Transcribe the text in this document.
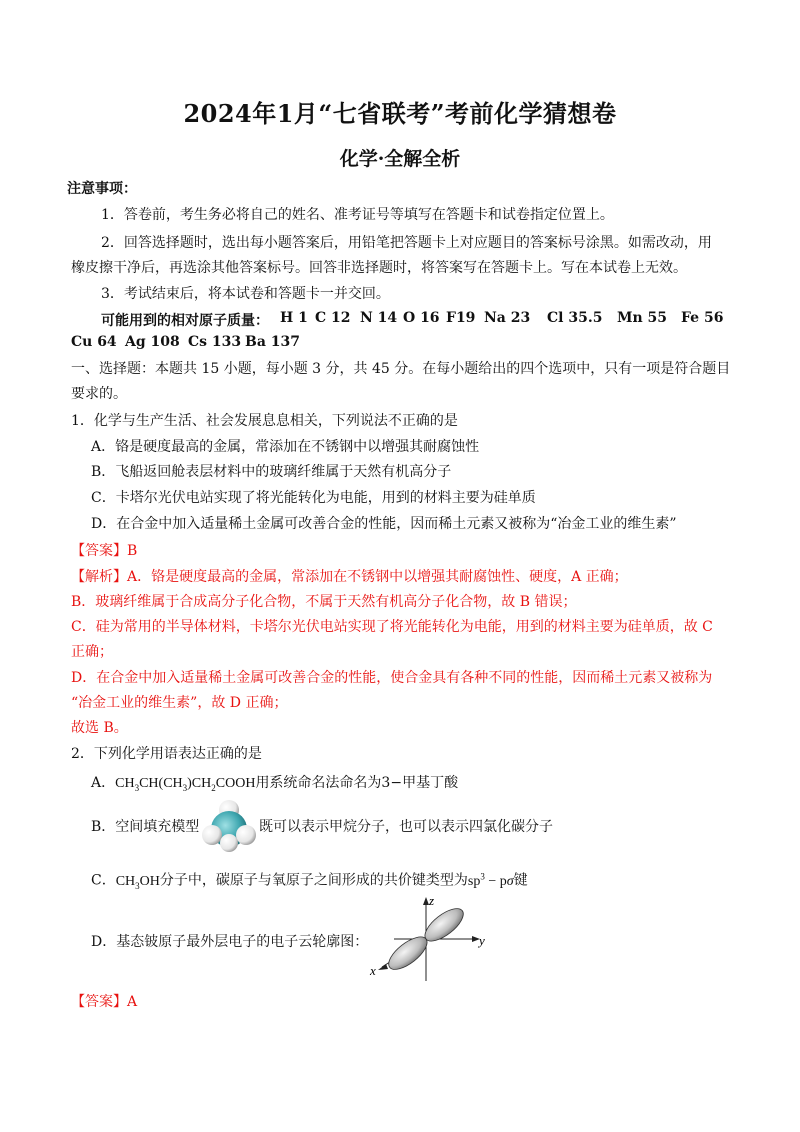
2024年1月“七省联考”考前化学猜想卷
化学·全解全析
注意事项：
1．答卷前，考生务必将自己的姓名、准考证号等填写在答题卡和试卷指定位置上。
2．回答选择题时，选出每小题答案后，用铅笔把答题卡上对应题目的答案标号涂黑。如需改动，用
橡皮擦干净后，再选涂其他答案标号。回答非选择题时，将答案写在答题卡上。写在本试卷上无效。
3．考试结束后，将本试卷和答题卡一并交回。
可能用到的相对原子质量： H 1 C 12 N 14 O 16 F19 Na 23 Cl 35.5 Mn 55 Fe 56
Cu 64 Ag 108 Cs 133 Ba 137
一、选择题：本题共 15 小题，每小题 3 分，共 45 分。在每小题给出的四个选项中，只有一项是符合题目
要求的。
1．化学与生产生活、社会发展息息相关，下列说法不正确的是
A．铬是硬度最高的金属，常添加在不锈钢中以增强其耐腐蚀性
B．飞船返回舱表层材料中的玻璃纤维属于天然有机高分子
C．卡塔尔光伏电站实现了将光能转化为电能，用到的材料主要为硅单质
D．在合金中加入适量稀土金属可改善合金的性能，因而稀土元素又被称为“冶金工业的维生素”
【答案】B
【解析】A．铬是硬度最高的金属，常添加在不锈钢中以增强其耐腐蚀性、硬度，A 正确；
B．玻璃纤维属于合成高分子化合物，不属于天然有机高分子化合物，故 B 错误；
C．硅为常用的半导体材料，卡塔尔光伏电站实现了将光能转化为电能，用到的材料主要为硅单质，故 C
正确；
D．在合金中加入适量稀土金属可改善合金的性能，使合金具有各种不同的性能，因而稀土元素又被称为
“冶金工业的维生素”，故 D 正确；
故选 B。
2．下列化学用语表达正确的是
A．$CH_3CH(CH_3)CH_2COOH$用系统命名法命名为3−甲基丁酸
B．空间填充模型	既可以表示甲烷分子，也可以表示四氯化碳分子
C．$CH_3OH$分子中，碳原子与氧原子之间形成的共价键类型为$sp^3 - p\sigma$键
D．基态铍原子最外层电子的电子云轮廓图：
z
y
x
【答案】A
